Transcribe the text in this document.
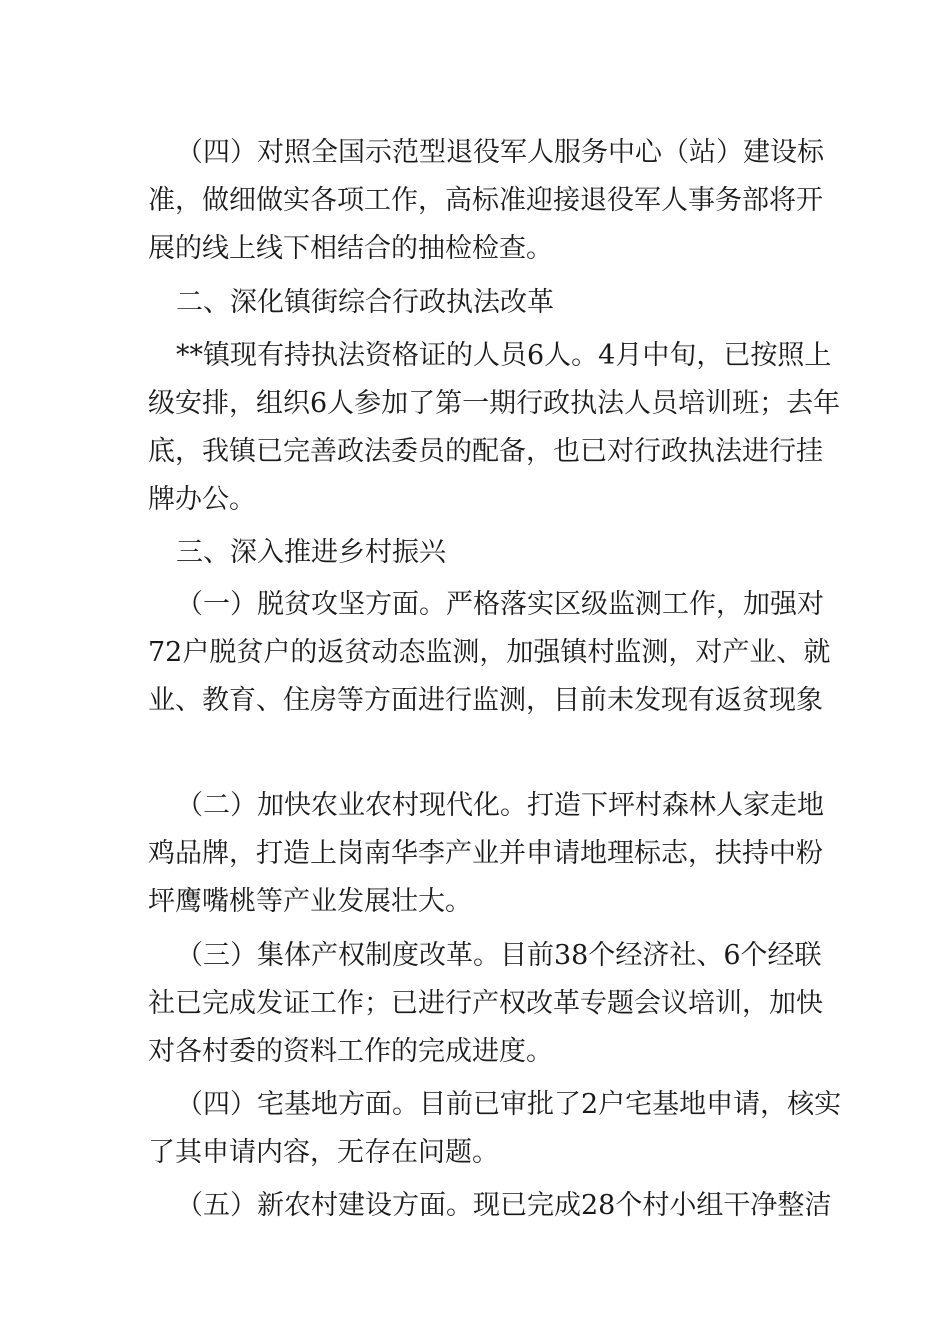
（四）对照全国示范型退役军人服务中心（站）建设标
准，做细做实各项工作，高标准迎接退役军人事务部将开
展的线上线下相结合的抽检检查。
二、深化镇街综合行政执法改革
**镇现有持执法资格证的人员6人。4月中旬，已按照上
级安排，组织6人参加了第一期行政执法人员培训班；去年
底，我镇已完善政法委员的配备，也已对行政执法进行挂
牌办公。
三、深入推进乡村振兴
（一）脱贫攻坚方面。严格落实区级监测工作，加强对
72户脱贫户的返贫动态监测，加强镇村监测，对产业、就
业、教育、住房等方面进行监测，目前未发现有返贫现象
（二）加快农业农村现代化。打造下坪村森林人家走地
鸡品牌，打造上岗南华李产业并申请地理标志，扶持中粉
坪鹰嘴桃等产业发展壮大。
（三）集体产权制度改革。目前38个经济社、6个经联
社已完成发证工作；已进行产权改革专题会议培训，加快
对各村委的资料工作的完成进度。
（四）宅基地方面。目前已审批了2户宅基地申请，核实
了其申请内容，无存在问题。
（五）新农村建设方面。现已完成28个村小组干净整洁
